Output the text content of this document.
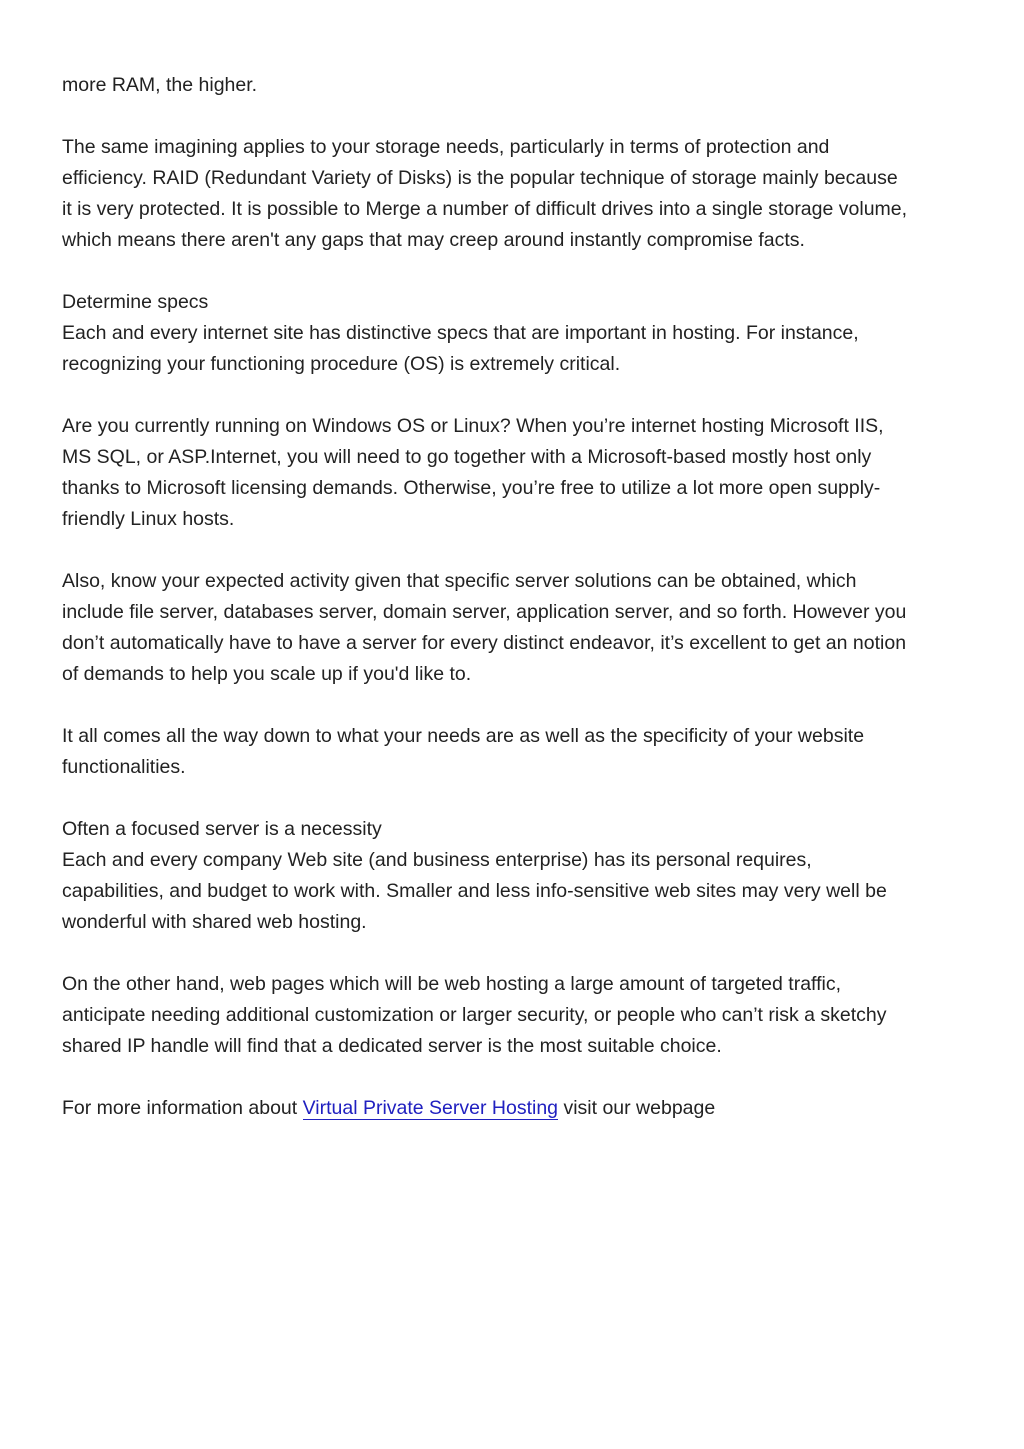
more RAM, the higher.

The same imagining applies to your storage needs, particularly in terms of protection and
efficiency. RAID (Redundant Variety of Disks) is the popular technique of storage mainly because
it is very protected. It is possible to Merge a number of difficult drives into a single storage volume,
which means there aren't any gaps that may creep around instantly compromise facts.

Determine specs
Each and every internet site has distinctive specs that are important in hosting. For instance,
recognizing your functioning procedure (OS) is extremely critical.

Are you currently running on Windows OS or Linux? When you’re internet hosting Microsoft IIS,
MS SQL, or ASP.Internet, you will need to go together with a Microsoft-based mostly host only
thanks to Microsoft licensing demands. Otherwise, you’re free to utilize a lot more open supply-
friendly Linux hosts.

Also, know your expected activity given that specific server solutions can be obtained, which
include file server, databases server, domain server, application server, and so forth. However you
don’t automatically have to have a server for every distinct endeavor, it’s excellent to get an notion
of demands to help you scale up if you'd like to.

It all comes all the way down to what your needs are as well as the specificity of your website
functionalities.

Often a focused server is a necessity
Each and every company Web site (and business enterprise) has its personal requires,
capabilities, and budget to work with. Smaller and less info-sensitive web sites may very well be
wonderful with shared web hosting.

On the other hand, web pages which will be web hosting a large amount of targeted traffic,
anticipate needing additional customization or larger security, or people who can’t risk a sketchy
shared IP handle will find that a dedicated server is the most suitable choice.

For more information about Virtual Private Server Hosting visit our webpage
